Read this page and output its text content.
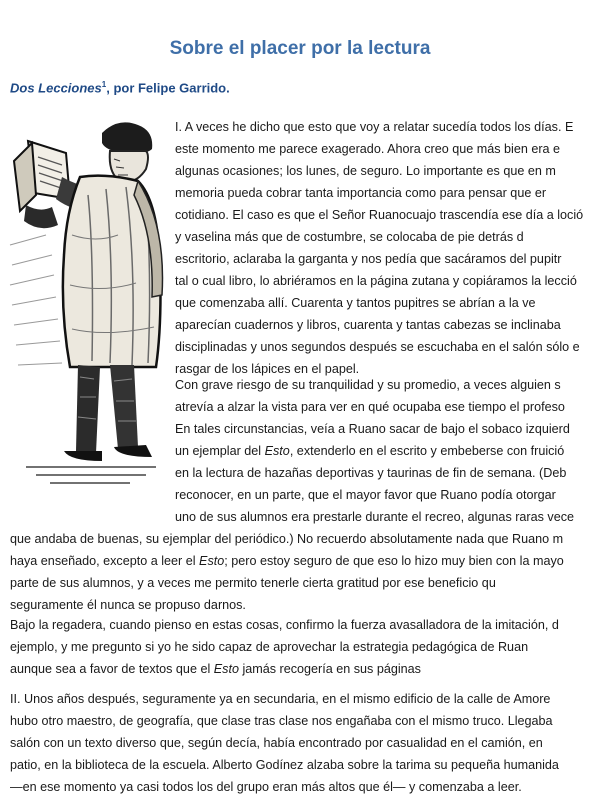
Sobre el placer por la lectura

Dos Lecciones$^1$, por Felipe Garrido.

I. A veces he dicho que esto que voy a relatar sucedía todos los días. E
este momento me parece exagerado. Ahora creo que más bien era e
algunas ocasiones; los lunes, de seguro. Lo importante es que en m
memoria pueda cobrar tanta importancia como para pensar que er
cotidiano. El caso es que el Señor Ruanocuajo trascendía ese día a loció
y vaselina más que de costumbre, se colocaba de pie detrás d
escritorio, aclaraba la garganta y nos pedía que sacáramos del pupitr
tal o cual libro, lo abriéramos en la página zutana y copiáramos la lecció
que comenzaba allí. Cuarenta y tantos pupitres se abrían a la ve
aparecían cuadernos y libros, cuarenta y tantas cabezas se inclinaba
disciplinadas y unos segundos después se escuchaba en el salón sólo e
rasgar de los lápices en el papel.
Con grave riesgo de su tranquilidad y su promedio, a veces alguien s
atrevía a alzar la vista para ver en qué ocupaba ese tiempo el profeso
En tales circunstancias, veía a Ruano sacar de bajo el sobaco izquierd
un ejemplar del Esto, extenderlo en el escrito y embeberse con fruició
en la lectura de hazañas deportivas y taurinas de fin de semana. (Deb
reconocer, en un parte, que el mayor favor que Ruano podía otorgar
uno de sus alumnos era prestarle durante el recreo, algunas raras vece
que andaba de buenas, su ejemplar del periódico.) No recuerdo absolutamente nada que Ruano m
haya enseñado, excepto a leer el Esto; pero estoy seguro de que eso lo hizo muy bien con la mayo
parte de sus alumnos, y a veces me permito tenerle cierta gratitud por ese beneficio qu
seguramente él nunca se propuso darnos.
Bajo la regadera, cuando pienso en estas cosas, confirmo la fuerza avasalladora de la imitación, d
ejemplo, y me pregunto si yo he sido capaz de aprovechar la estrategia pedagógica de Ruan
aunque sea a favor de textos que el Esto jamás recogería en sus páginas
II. Unos años después, seguramente ya en secundaria, en el mismo edificio de la calle de Amore
hubo otro maestro, de geografía, que clase tras clase nos engañaba con el mismo truco. Llegaba
salón con un texto diverso que, según decía, había encontrado por casualidad en el camión, en
patio, en la biblioteca de la escuela. Alberto Godínez alzaba sobre la tarima su pequeña humanida
—en ese momento ya casi todos los del grupo eran más altos que él— y comenzaba a leer.
